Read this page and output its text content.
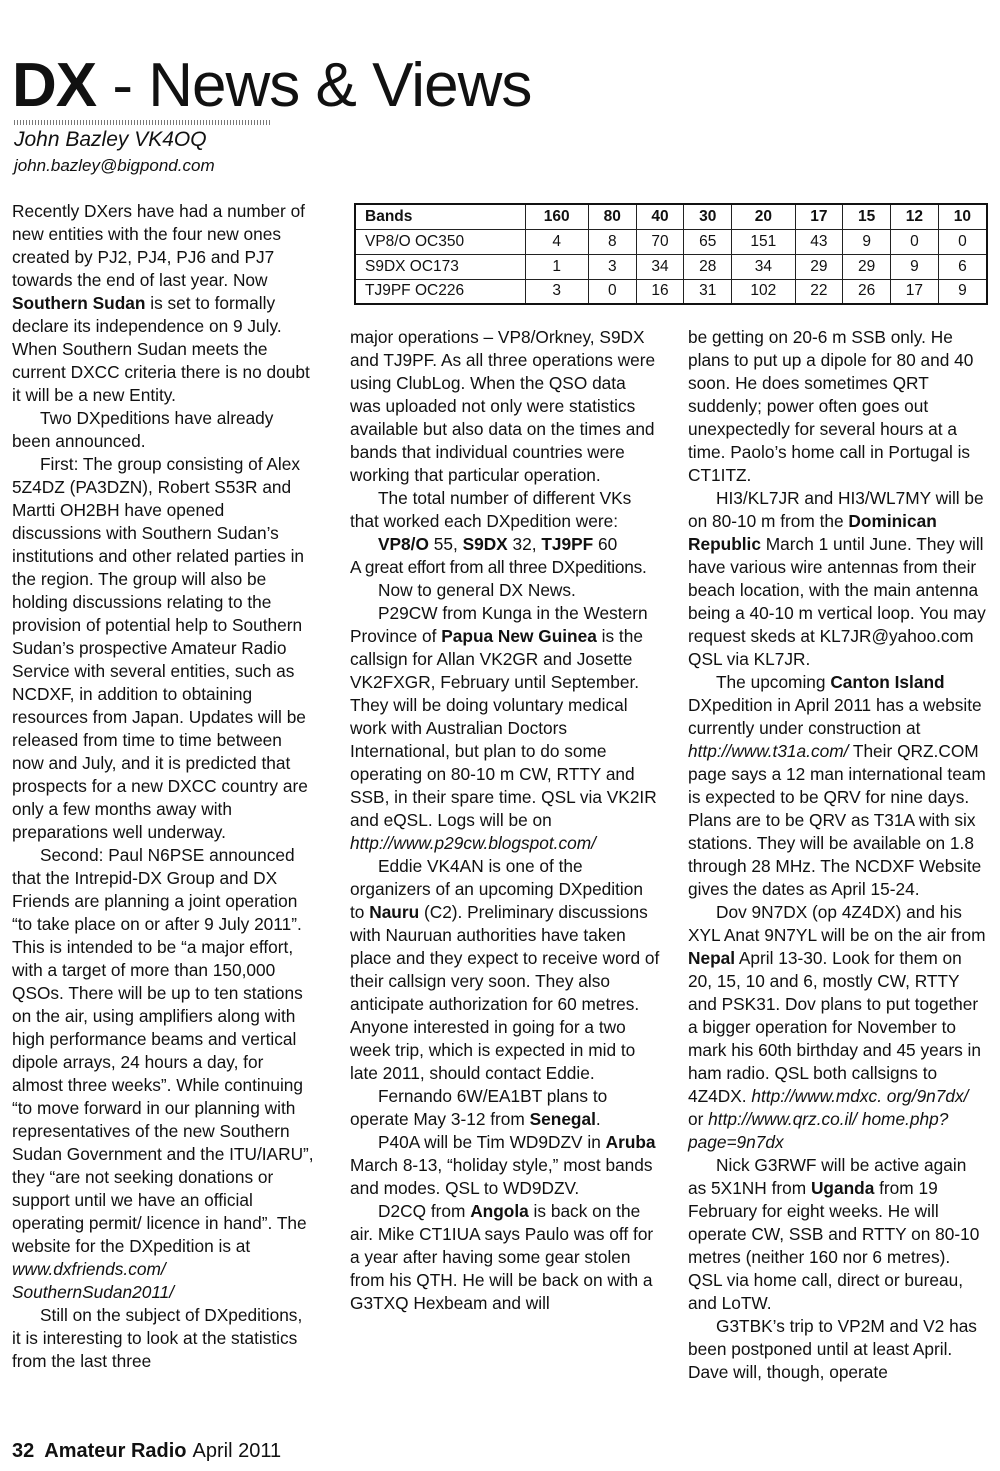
DX - News & Views
John Bazley VK4OQ
john.bazley@bigpond.com
Bands	160	80	40	30	20	17	15	12	10
VP8/O OC350	4	8	70	65	151	43	9	0	0
S9DX OC173	1	3	34	28	34	29	29	9	6
TJ9PF OC226	3	0	16	31	102	22	26	17	9

Recently DXers have had a number of new entities with the four new ones created by PJ2, PJ4, PJ6 and PJ7 towards the end of last year. Now Southern Sudan is set to formally declare its independence on 9 July. When Southern Sudan meets the current DXCC criteria there is no doubt it will be a new Entity.

Two DXpeditions have already been announced.

First: The group consisting of Alex 5Z4DZ (PA3DZN), Robert S53R and Martti OH2BH have opened discussions with Southern Sudan’s institutions and other related parties in the region. The group will also be holding discussions relating to the provision of potential help to Southern Sudan’s prospective Amateur Radio Service with several entities, such as NCDXF, in addition to obtaining resources from Japan. Updates will be released from time to time between now and July, and it is predicted that prospects for a new DXCC country are only a few months away with preparations well underway.

Second: Paul N6PSE announced that the Intrepid-DX Group and DX Friends are planning a joint operation “to take place on or after 9 July 2011”. This is intended to be “a major effort, with a target of more than 150,000 QSOs. There will be up to ten stations on the air, using amplifiers along with high performance beams and vertical dipole arrays, 24 hours a day, for almost three weeks”. While continuing “to move forward in our planning with representatives of the new Southern Sudan Government and the ITU/IARU”, they “are not seeking donations or support until we have an official operating permit/ licence in hand”. The website for the DXpedition is at www.dxfriends.com/ SouthernSudan2011/

Still on the subject of DXpeditions, it is interesting to look at the statistics from the last three

major operations – VP8/Orkney, S9DX and TJ9PF. As all three operations were using ClubLog. When the QSO data was uploaded not only were statistics available but also data on the times and bands that individual countries were working that particular operation.

The total number of different VKs that worked each DXpedition were:

VP8/O 55, S9DX 32, TJ9PF 60

A great effort from all three DXpeditions.

Now to general DX News.

P29CW from Kunga in the Western Province of Papua New Guinea is the callsign for Allan VK2GR and Josette VK2FXGR, February until September. They will be doing voluntary medical work with Australian Doctors International, but plan to do some operating on 80-10 m CW, RTTY and SSB, in their spare time. QSL via VK2IR and eQSL. Logs will be on http://www.p29cw.blogspot.com/

Eddie VK4AN is one of the organizers of an upcoming DXpedition to Nauru (C2). Preliminary discussions with Nauruan authorities have taken place and they expect to receive word of their callsign very soon. They also anticipate authorization for 60 metres. Anyone interested in going for a two week trip, which is expected in mid to late 2011, should contact Eddie.

Fernando 6W/EA1BT plans to operate May 3-12 from Senegal.

P40A will be Tim WD9DZV in Aruba March 8-13, “holiday style,” most bands and modes. QSL to WD9DZV.

D2CQ from Angola is back on the air. Mike CT1IUA says Paulo was off for a year after having some gear stolen from his QTH. He will be back on with a G3TXQ Hexbeam and will

be getting on 20-6 m SSB only. He plans to put up a dipole for 80 and 40 soon. He does sometimes QRT suddenly; power often goes out unexpectedly for several hours at a time. Paolo’s home call in Portugal is CT1ITZ.

HI3/KL7JR and HI3/WL7MY will be on 80-10 m from the Dominican Republic March 1 until June. They will have various wire antennas from their beach location, with the main antenna being a 40-10 m vertical loop. You may request skeds at KL7JR@yahoo.com QSL via KL7JR.

The upcoming Canton Island DXpedition in April 2011 has a website currently under construction at http://www.t31a.com/ Their QRZ.COM page says a 12 man international team is expected to be QRV for nine days. Plans are to be QRV as T31A with six stations. They will be available on 1.8 through 28 MHz. The NCDXF Website gives the dates as April 15-24.

Dov 9N7DX (op 4Z4DX) and his XYL Anat 9N7YL will be on the air from Nepal April 13-30. Look for them on 20, 15, 10 and 6, mostly CW, RTTY and PSK31. Dov plans to put together a bigger operation for November to mark his 60th birthday and 45 years in ham radio. QSL both callsigns to 4Z4DX. http://www.mdxc. org/9n7dx/ or http://www.qrz.co.il/ home.php?page=9n7dx

Nick G3RWF will be active again as 5X1NH from Uganda from 19 February for eight weeks. He will operate CW, SSB and RTTY on 80-10 metres (neither 160 nor 6 metres). QSL via home call, direct or bureau, and LoTW.

G3TBK’s trip to VP2M and V2 has been postponed until at least April. Dave will, though, operate

32 Amateur Radio April 2011
